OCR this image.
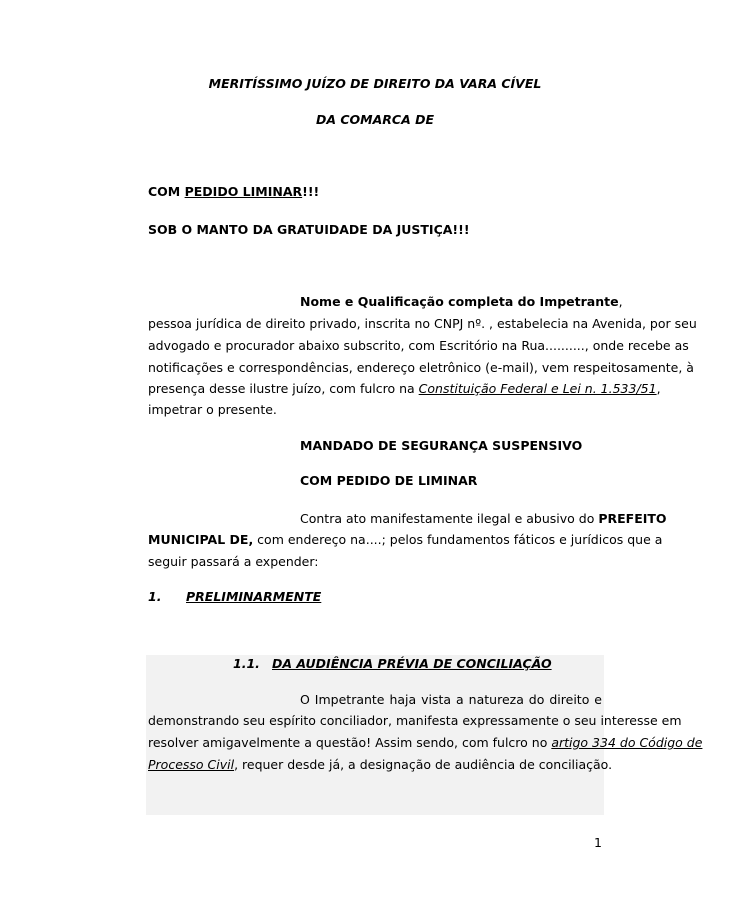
MERITÍSSIMO JUÍZO DE DIREITO DA VARA CÍVEL
DA COMARCA DE
COM PEDIDO LIMINAR!!!
SOB O MANTO DA GRATUIDADE DA JUSTIÇA!!!
Nome e Qualificação completa do Impetrante,
pessoa jurídica de direito privado, inscrita no CNPJ nº. , estabelecia na Avenida, por seu
advogado e procurador abaixo subscrito, com Escritório na Rua.........., onde recebe as
notificações e correspondências, endereço eletrônico (e-mail), vem respeitosamente, à
presença desse ilustre juízo, com fulcro na Constituição Federal e Lei n. 1.533/51,
impetrar o presente.
MANDADO DE SEGURANÇA SUSPENSIVO
COM PEDIDO DE LIMINAR
Contra ato manifestamente ilegal e abusivo do PREFEITO
MUNICIPAL DE, com endereço na....; pelos fundamentos fáticos e jurídicos que a
seguir passará a expender:
1. PRELIMINARMENTE
1.1. DA AUDIÊNCIA PRÉVIA DE CONCILIAÇÃO
O Impetrante haja vista a natureza do direito e
demonstrando seu espírito conciliador, manifesta expressamente o seu interesse em
resolver amigavelmente a questão! Assim sendo, com fulcro no artigo 334 do Código de
Processo Civil, requer desde já, a designação de audiência de conciliação.
1
